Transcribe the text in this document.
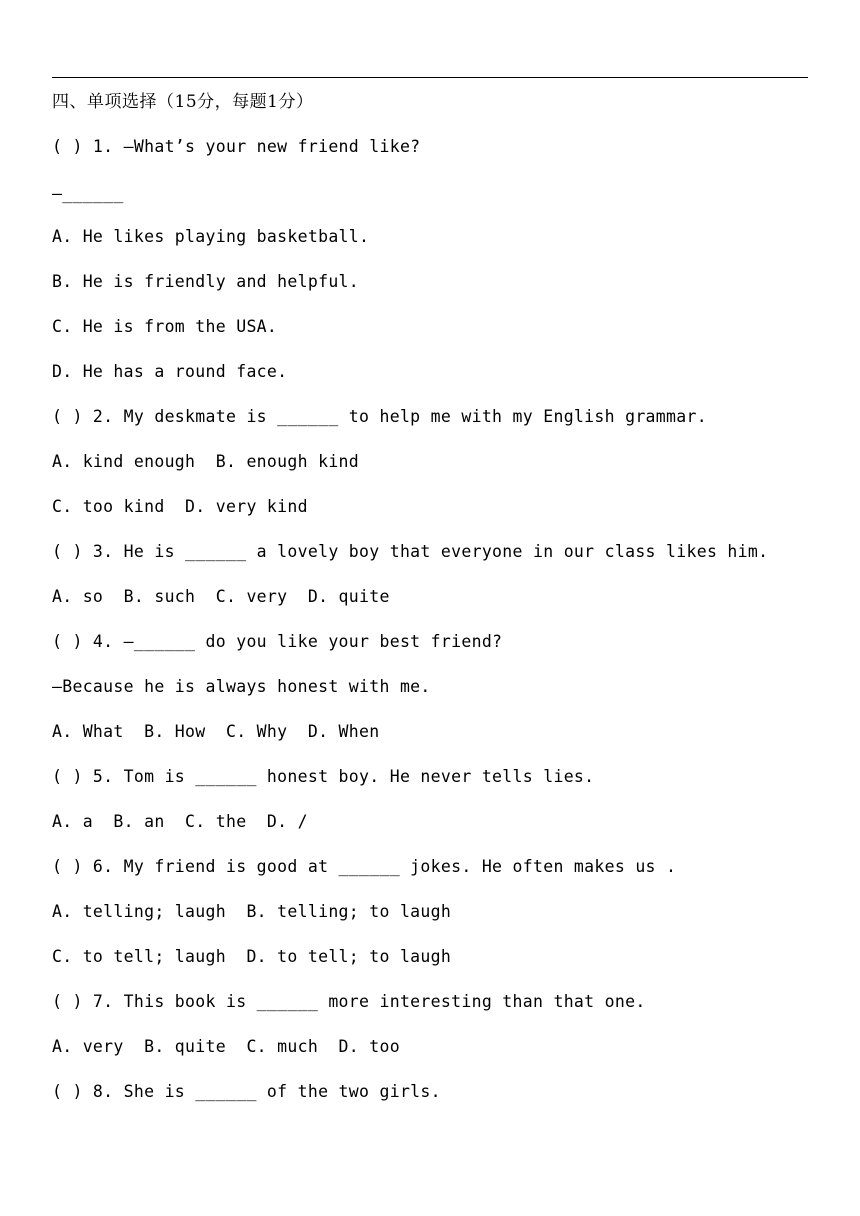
四、单项选择（15分，每题1分）
( ) 1. —What’s your new friend like?
—______
A. He likes playing basketball.
B. He is friendly and helpful.
C. He is from the USA.
D. He has a round face.
( ) 2. My deskmate is ______ to help me with my English grammar.
A. kind enough  B. enough kind
C. too kind  D. very kind
( ) 3. He is ______ a lovely boy that everyone in our class likes him.
A. so  B. such  C. very  D. quite
( ) 4. —______ do you like your best friend?
—Because he is always honest with me.
A. What  B. How  C. Why  D. When
( ) 5. Tom is ______ honest boy. He never tells lies.
A. a  B. an  C. the  D. /
( ) 6. My friend is good at ______ jokes. He often makes us .
A. telling; laugh  B. telling; to laugh
C. to tell; laugh  D. to tell; to laugh
( ) 7. This book is ______ more interesting than that one.
A. very  B. quite  C. much  D. too
( ) 8. She is ______ of the two girls.
